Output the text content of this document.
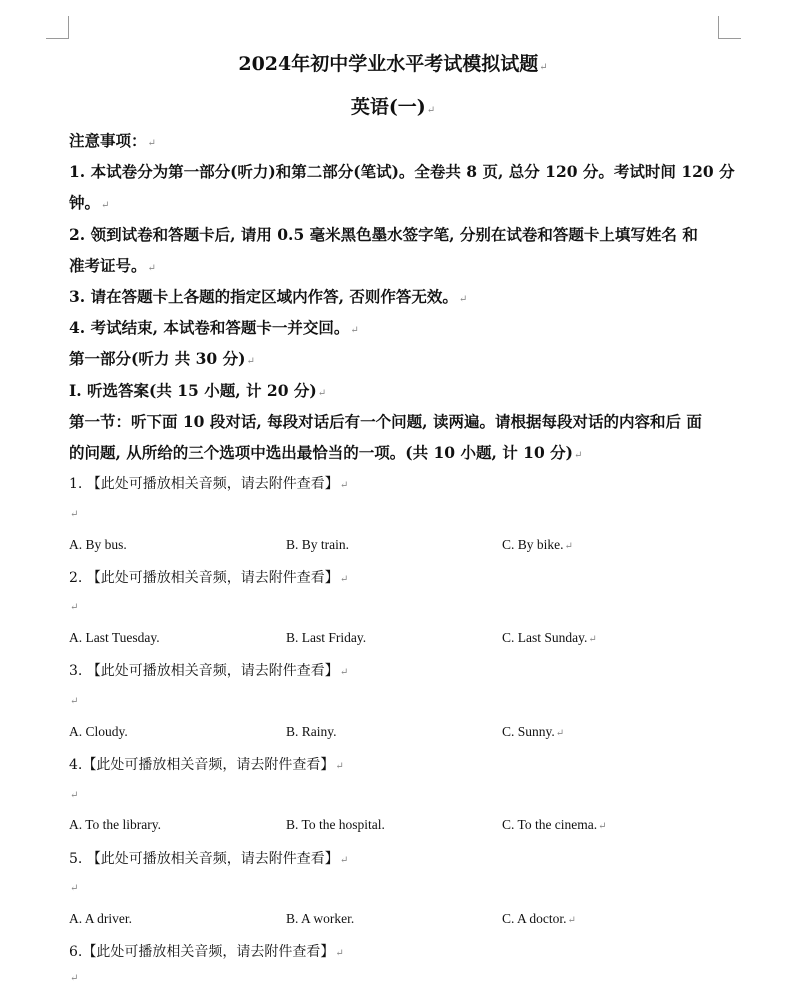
2024年初中学业水平考试模拟试题↵
英语(一)↵
注意事项：↵
1. 本试卷分为第一部分(听力)和第二部分(笔试)。全卷共 8 页, 总分 120 分。考试时间 120 分
钟。↵
2. 领到试卷和答题卡后, 请用 0.5 毫米黑色墨水签字笔, 分别在试卷和答题卡上填写姓名 和
准考证号。↵
3. 请在答题卡上各题的指定区域内作答, 否则作答无效。↵
4. 考试结束, 本试卷和答题卡一并交回。↵
第一部分(听力 共 30 分)↵
I. 听选答案(共 15 小题, 计 20 分)↵
第一节：听下面 10 段对话, 每段对话后有一个问题, 读两遍。请根据每段对话的内容和后 面
的问题, 从所给的三个选项中选出最恰当的一项。(共 10 小题, 计 10 分)↵
1. 【此处可播放相关音频，请去附件查看】↵
↵
A. By bus.	B. By train.	C. By bike.↵
2. 【此处可播放相关音频，请去附件查看】↵
↵
A. Last Tuesday.	B. Last Friday.	C. Last Sunday.↵
3. 【此处可播放相关音频，请去附件查看】↵
↵
A. Cloudy.	B. Rainy.	C. Sunny.↵
4.【此处可播放相关音频，请去附件查看】↵
↵
A. To the library.	B. To the hospital.	C. To the cinema.↵
5. 【此处可播放相关音频，请去附件查看】↵
↵
A. A driver.	B. A worker.	C. A doctor.↵
6.【此处可播放相关音频，请去附件查看】↵
↵
